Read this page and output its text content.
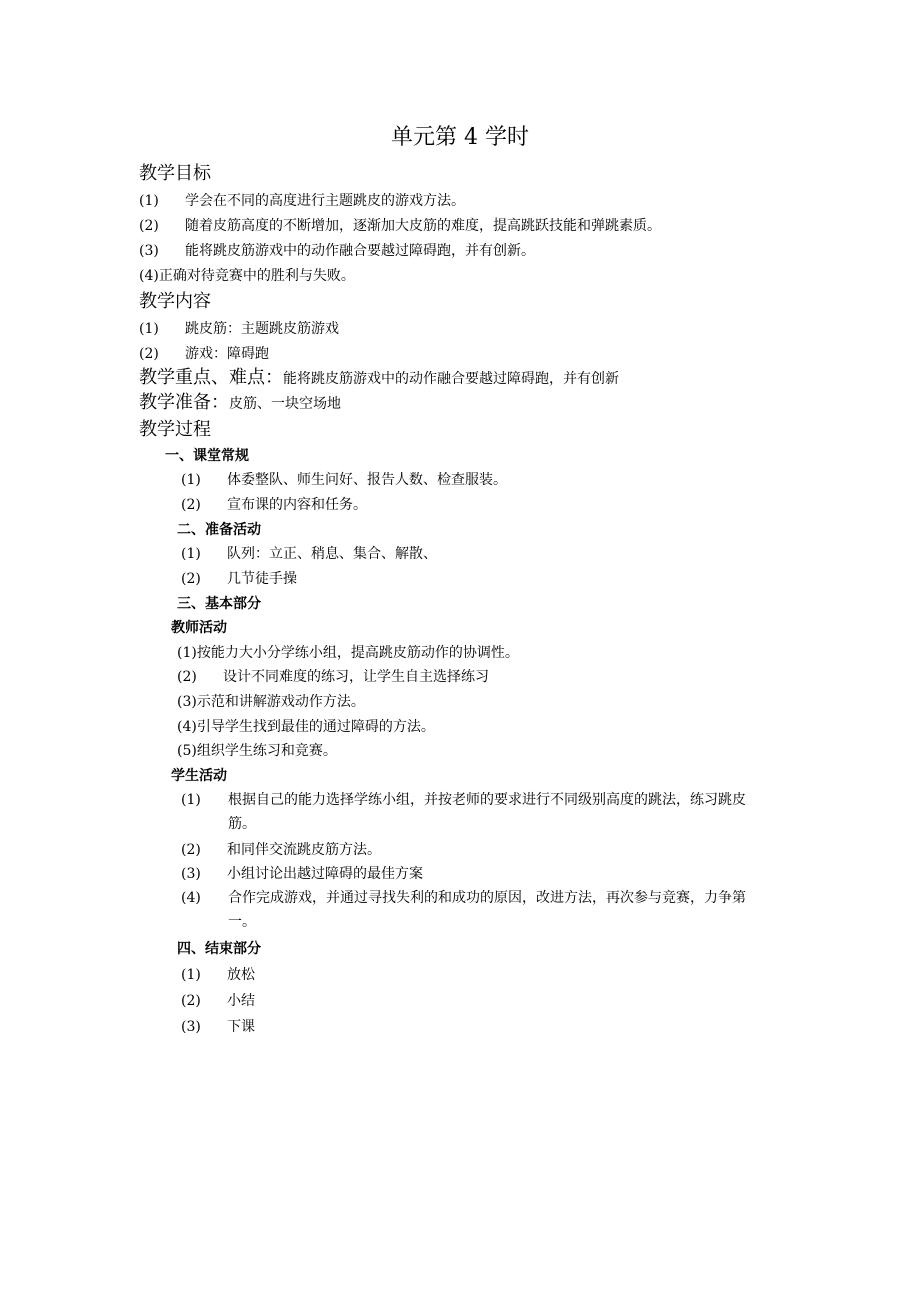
单元第 4 学时
教学目标
(1) 学会在不同的高度进行主题跳皮的游戏方法。
(2) 随着皮筋高度的不断增加，逐渐加大皮筋的难度，提高跳跃技能和弹跳素质。
(3) 能将跳皮筋游戏中的动作融合要越过障碍跑，并有创新。
(4)正确对待竞赛中的胜利与失败。
教学内容
(1) 跳皮筋：主题跳皮筋游戏
(2) 游戏：障碍跑
教学重点、难点：能将跳皮筋游戏中的动作融合要越过障碍跑，并有创新
教学准备：皮筋、一块空场地
教学过程
一、课堂常规
(1) 体委整队、师生问好、报告人数、检查服装。
(2) 宣布课的内容和任务。
二、准备活动
(1) 队列：立正、稍息、集合、解散、
(2) 几节徒手操
三、基本部分
教师活动
(1)按能力大小分学练小组，提高跳皮筋动作的协调性。
(2) 设计不同难度的练习，让学生自主选择练习
(3)示范和讲解游戏动作方法。
(4)引导学生找到最佳的通过障碍的方法。
(5)组织学生练习和竞赛。
学生活动
(1)	根据自己的能力选择学练小组，并按老师的要求进行不同级别高度的跳法，练习跳皮筋。
(2) 和同伴交流跳皮筋方法。
(3) 小组讨论出越过障碍的最佳方案
(4)	合作完成游戏，并通过寻找失利的和成功的原因，改进方法，再次参与竞赛，力争第一。
四、结束部分
(1) 放松
(2) 小结
(3) 下课
